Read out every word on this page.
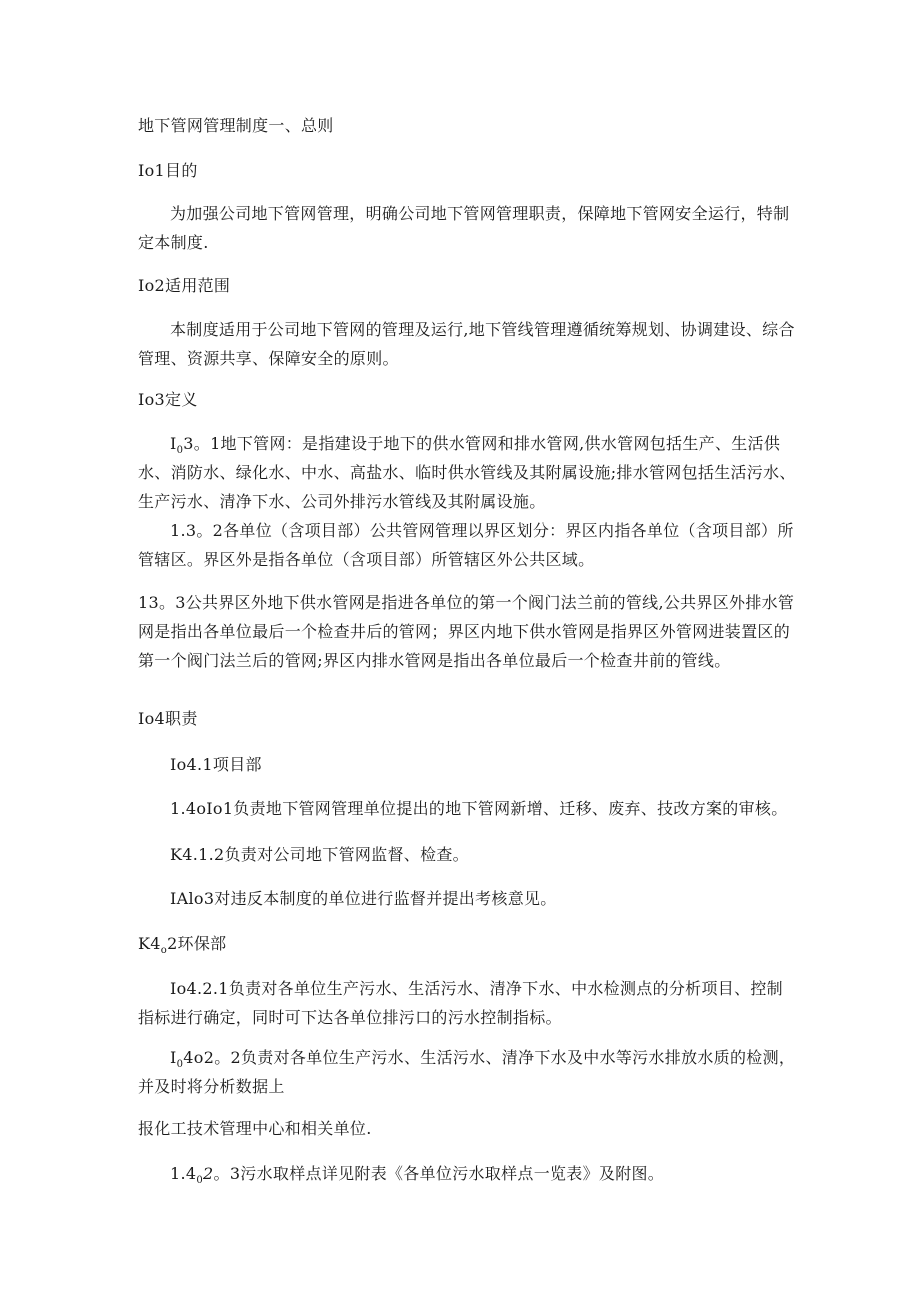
地下管网管理制度一、总则

Io1目的

为加强公司地下管网管理，明确公司地下管网管理职责，保障地下管网安全运行，特制定本制度.

Io2适用范围

本制度适用于公司地下管网的管理及运行,地下管线管理遵循统筹规划、协调建设、综合管理、资源共享、保障安全的原则。

Io3定义

$I_03$。1地下管网：是指建设于地下的供水管网和排水管网,供水管网包括生产、生活供水、消防水、绿化水、中水、高盐水、临时供水管线及其附属设施;排水管网包括生活污水、生产污水、清净下水、公司外排污水管线及其附属设施。

1.3。2各单位（含项目部）公共管网管理以界区划分：界区内指各单位（含项目部）所管辖区。界区外是指各单位（含项目部）所管辖区外公共区域。

13。3公共界区外地下供水管网是指进各单位的第一个阀门法兰前的管线,公共界区外排水管网是指出各单位最后一个检查井后的管网；界区内地下供水管网是指界区外管网进装置区的第一个阀门法兰后的管网;界区内排水管网是指出各单位最后一个检查井前的管线。

Io4职责

Io4.1项目部

1.4oIo1负责地下管网管理单位提出的地下管网新增、迁移、废弃、技改方案的审核。

K4.1.2负责对公司地下管网监督、检查。

IAlo3对违反本制度的单位进行监督并提出考核意见。

$K4_o2$环保部

Io4.2.1负责对各单位生产污水、生活污水、清净下水、中水检测点的分析项目、控制指标进行确定，同时可下达各单位排污口的污水控制指标。

$I_04o2$。2负责对各单位生产污水、生活污水、清净下水及中水等污水排放水质的检测，并及时将分析数据上

报化工技术管理中心和相关单位.

$1.4_02$。3污水取样点详见附表《各单位污水取样点一览表》及附图。
